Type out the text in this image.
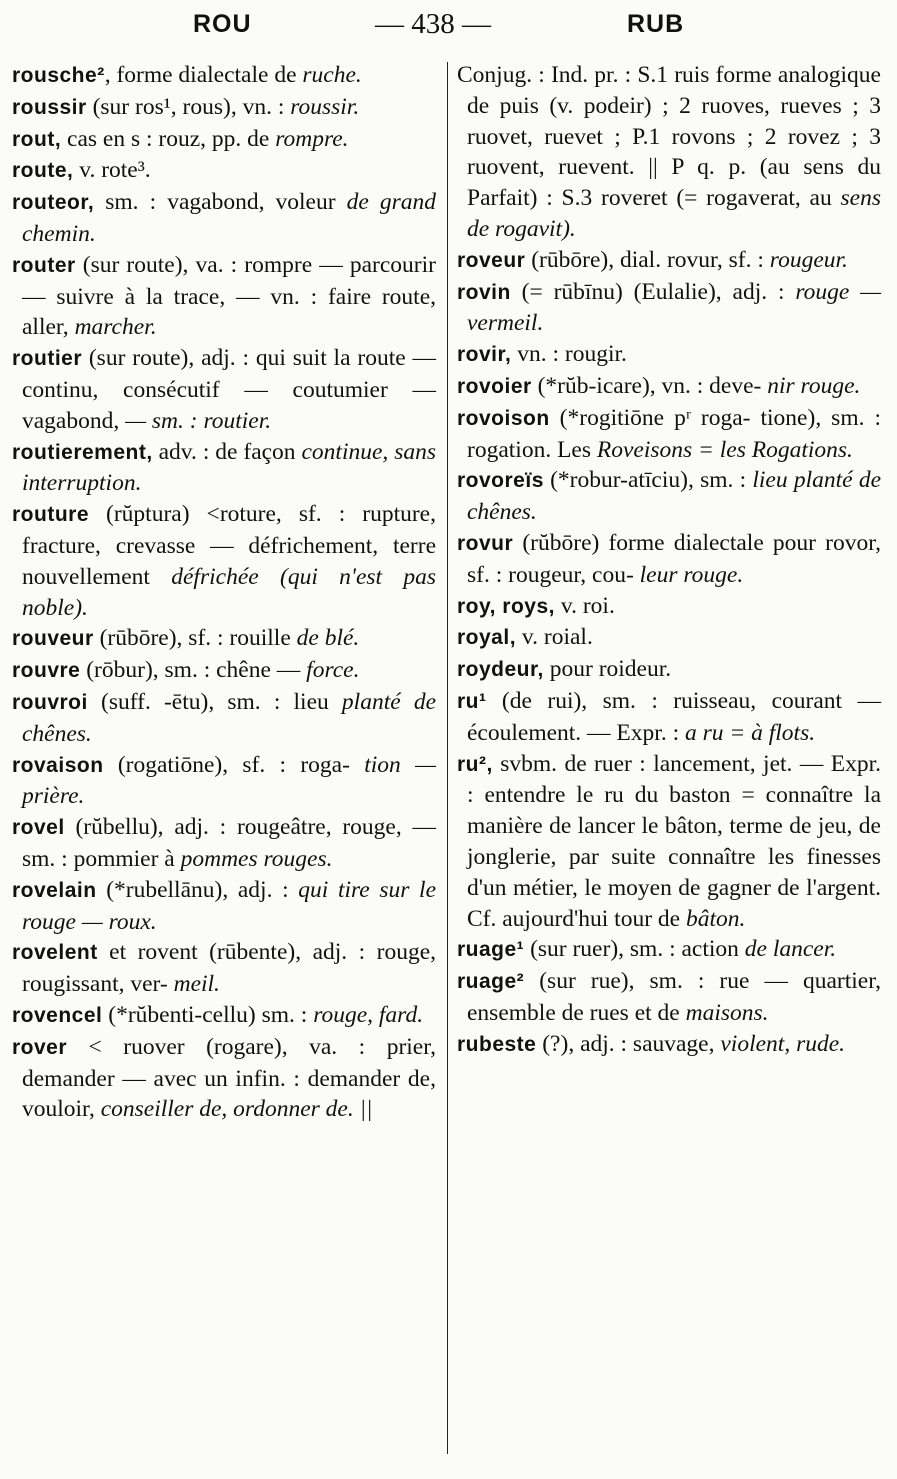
ROU	— 438 —	RUB

rousche², forme dialectale de ruche.

roussir (sur ros¹, rous), vn. : roussir.

rout, cas en s : rouz, pp. de rompre.

route, v. rote³.

routeor, sm. : vagabond, voleur de grand chemin.

router (sur route), va. : rompre — parcourir — suivre à la trace, — vn. : faire route, aller, marcher.

routier (sur route), adj. : qui suit la route — continu, consécutif — coutumier — vagabond, — sm. : routier.

routierement, adv. : de façon continue, sans interruption.

routure (rŭptura) <roture, sf. : rupture, fracture, crevasse — défrichement, terre nouvellement défrichée (qui n'est pas noble).

rouveur (rūbōre), sf. : rouille de blé.

rouvre (rōbur), sm. : chêne — force.

rouvroi (suff. -ētu), sm. : lieu planté de chênes.

rovaison (rogatiōne), sf. : roga- tion — prière.

rovel (rŭbellu), adj. : rougeâtre, rouge, — sm. : pommier à pommes rouges.

rovelain (*rubellānu), adj. : qui tire sur le rouge — roux.

rovelent et rovent (rūbente), adj. : rouge, rougissant, ver- meil.

rovencel (*rŭbenti-cellu) sm. : rouge, fard.

rover < ruover (rogare), va. : prier, demander — avec un infin. : demander de, vouloir, conseiller de, ordonner de. ||

Conjug. : Ind. pr. : S.1 ruis forme analogique de puis (v. podeir) ; 2 ruoves, rueves ; 3 ruovet, ruevet ; P.1 rovons ; 2 rovez ; 3 ruovent, ruevent. || P q. p. (au sens du Parfait) : S.3 roveret (= rogaverat, au sens de rogavit).

roveur (rūbōre), dial. rovur, sf. : rougeur.

rovin (= rūbīnu) (Eulalie), adj. : rouge — vermeil.

rovir, vn. : rougir.

rovoier (*rŭb-icare), vn. : deve- nir rouge.

rovoison (*rogitiōne pʳ roga- tione), sm. : rogation. Les Roveisons = les Rogations.

rovoreïs (*robur-atīciu), sm. : lieu planté de chênes.

rovur (rŭbōre) forme dialectale pour rovor, sf. : rougeur, cou- leur rouge.

roy, roys, v. roi.

royal, v. roial.

roydeur, pour roideur.

ru¹ (de rui), sm. : ruisseau, courant — écoulement. — Expr. : a ru = à flots.

ru², svbm. de ruer : lancement, jet. — Expr. : entendre le ru du baston = connaître la manière de lancer le bâton, terme de jeu, de jonglerie, par suite connaître les finesses d'un métier, le moyen de gagner de l'argent. Cf. aujourd'hui tour de bâton.

ruage¹ (sur ruer), sm. : action de lancer.

ruage² (sur rue), sm. : rue — quartier, ensemble de rues et de maisons.

rubeste (?), adj. : sauvage, violent, rude.
